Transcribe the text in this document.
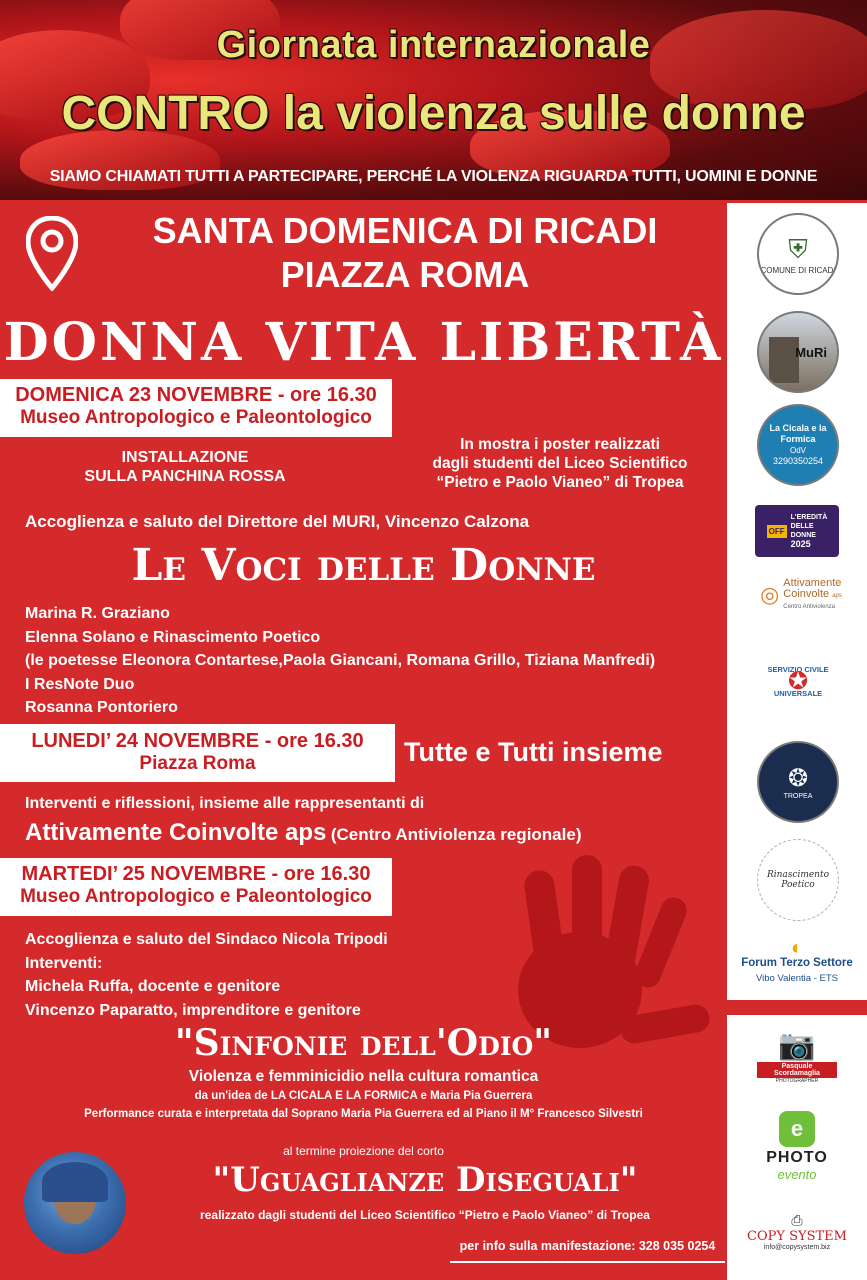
Giornata internazionale
CONTRO la violenza sulle donne
SIAMO CHIAMATI TUTTI A PARTECIPARE, PERCHÉ LA VIOLENZA RIGUARDA TUTTI, UOMINI E DONNE
SANTA DOMENICA DI RICADI
PIAZZA ROMA
DONNA VITA LIBERTÀ
DOMENICA 23 NOVEMBRE - ore 16.30
Museo Antropologico e Paleontologico
INSTALLAZIONE
SULLA PANCHINA ROSSA
In mostra i poster realizzati
dagli studenti del Liceo Scientifico
“Pietro e Paolo Vianeo” di Tropea
Accoglienza e saluto del Direttore del MURI, Vincenzo Calzona
Le Voci delle Donne
Marina R. Graziano
Elenna Solano e Rinascimento Poetico
(le poetesse Eleonora Contartese,Paola Giancani, Romana Grillo, Tiziana Manfredi)
I ResNote Duo
Rosanna Pontoriero
LUNEDI’ 24 NOVEMBRE - ore 16.30
Piazza Roma	Tutte e Tutti insieme
Interventi e riflessioni, insieme alle rappresentanti di
Attivamente Coinvolte aps (Centro Antiviolenza regionale)
MARTEDI’ 25 NOVEMBRE - ore 16.30
Museo Antropologico e Paleontologico
Accoglienza e saluto del Sindaco Nicola Tripodi
Interventi:
Michela Ruffa, docente e genitore
Vincenzo Paparatto, imprenditore e genitore
"Sinfonie dell'Odio"
Violenza e femminicidio nella cultura romantica
da un'idea de LA CICALA E LA FORMICA e Maria Pia Guerrera
Performance curata e interpretata dal Soprano Maria Pia Guerrera ed al Piano il M° Francesco Silvestri
al termine proiezione del corto
"Uguaglianze Diseguali"
realizzato dagli studenti del Liceo Scientifico “Pietro e Paolo Vianeo” di Tropea
per info sulla manifestazione: 328 035 0254
⛨
COMUNE DI RICADI
MuRi
La Cicala e la Formica
OdV
3290350254
OFF
L'EREDITÀ
DELLE
DONNE
2025
◎ Attivamente
Coinvolte aps
Centro Antiviolenza
SERVIZIO CIVILE
✪
UNIVERSALE
❂
TROPEA
Rinascimento Poetico
◐
Forum Terzo Settore
Vibo Valentia - ETS
📷
Pasquale Scordamaglia
PHOTOGRAPHER
e
PHOTO
evento
⎙
COPY SYSTEM
info@copysystem.biz
